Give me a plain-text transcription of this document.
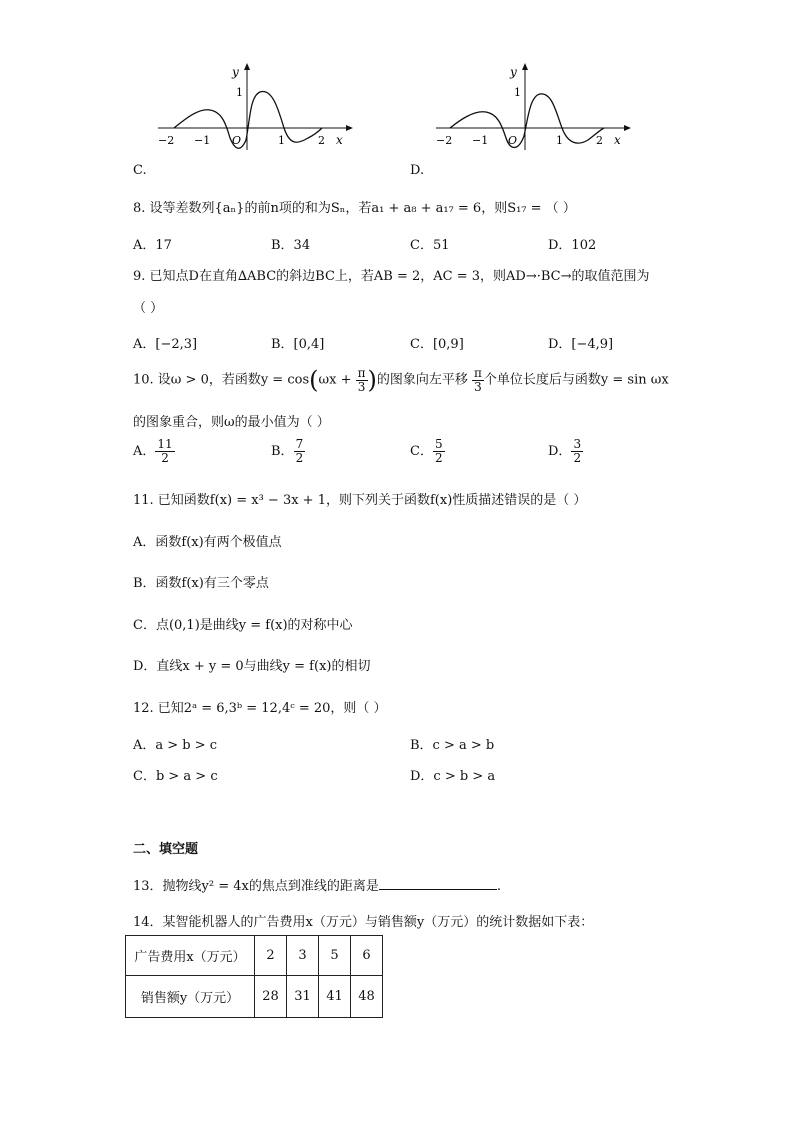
1
y
−2 −1 O	1	2 x
C.
1
y
−2 −1 O	1	2 x
D.
8. 设等差数列{aₙ}的前n项的和为Sₙ，若a₁ + a₈ + a₁₇ = 6，则S₁₇ = （ ）
A．17	B．34	C．51	D．102
9. 已知点D在直角∆ABC的斜边BC上，若AB = 2，AC = 3，则AD→·BC→的取值范围为
（ ）
A．[−2,3]	B．[0,4]	C．[0,9]	D．[−4,9]
10. 设ω > 0，若函数$y = \cos(\omega x + \frac{\pi}{3}$ )的图象向左平移 $\frac{\pi}{3}$ 个单位长度后与函数y = sin ωx
的图象重合，则ω的最小值为（ ）
A． $\frac{11}{2}$	B． $\frac{7}{2}$	C． $\frac{5}{2}$	D． $\frac{3}{2}$
11. 已知函数f(x) = x³ − 3x + 1，则下列关于函数f(x)性质描述错误的是（ ）
A．函数f(x)有两个极值点
B．函数f(x)有三个零点
C．点(0,1)是曲线y = f(x)的对称中心
D．直线x + y = 0与曲线y = f(x)的相切
12. 已知2ᵃ = 6,3ᵇ = 12,4ᶜ = 20，则（ ）
A．a > b > c	B．c > a > b
C．b > a > c	D．c > b > a
二、填空题
13．抛物线y² = 4x的焦点到准线的距离是	.
14．某智能机器人的广告费用x（万元）与销售额y（万元）的统计数据如下表：
广告费用x（万元）	2	3	5	6
销售额y（万元）	28	31	41	48
